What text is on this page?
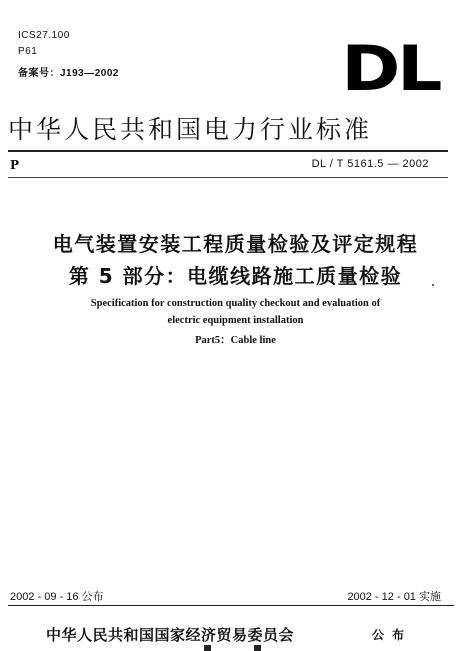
ICS27.100
P61
备案号：J193—2002	DL
中华人民共和国电力行业标准
P	DL / T 5161.5 — 2002
电气装置安装工程质量检验及评定规程
第 5 部分：电缆线路施工质量检验
Specification for construction quality checkout and evaluation of
electric equipment installation
Part5：Cable line
2002 - 09 - 16 公布	2002 - 12 - 01 实施
中华人民共和国国家经济贸易委员会	公布
